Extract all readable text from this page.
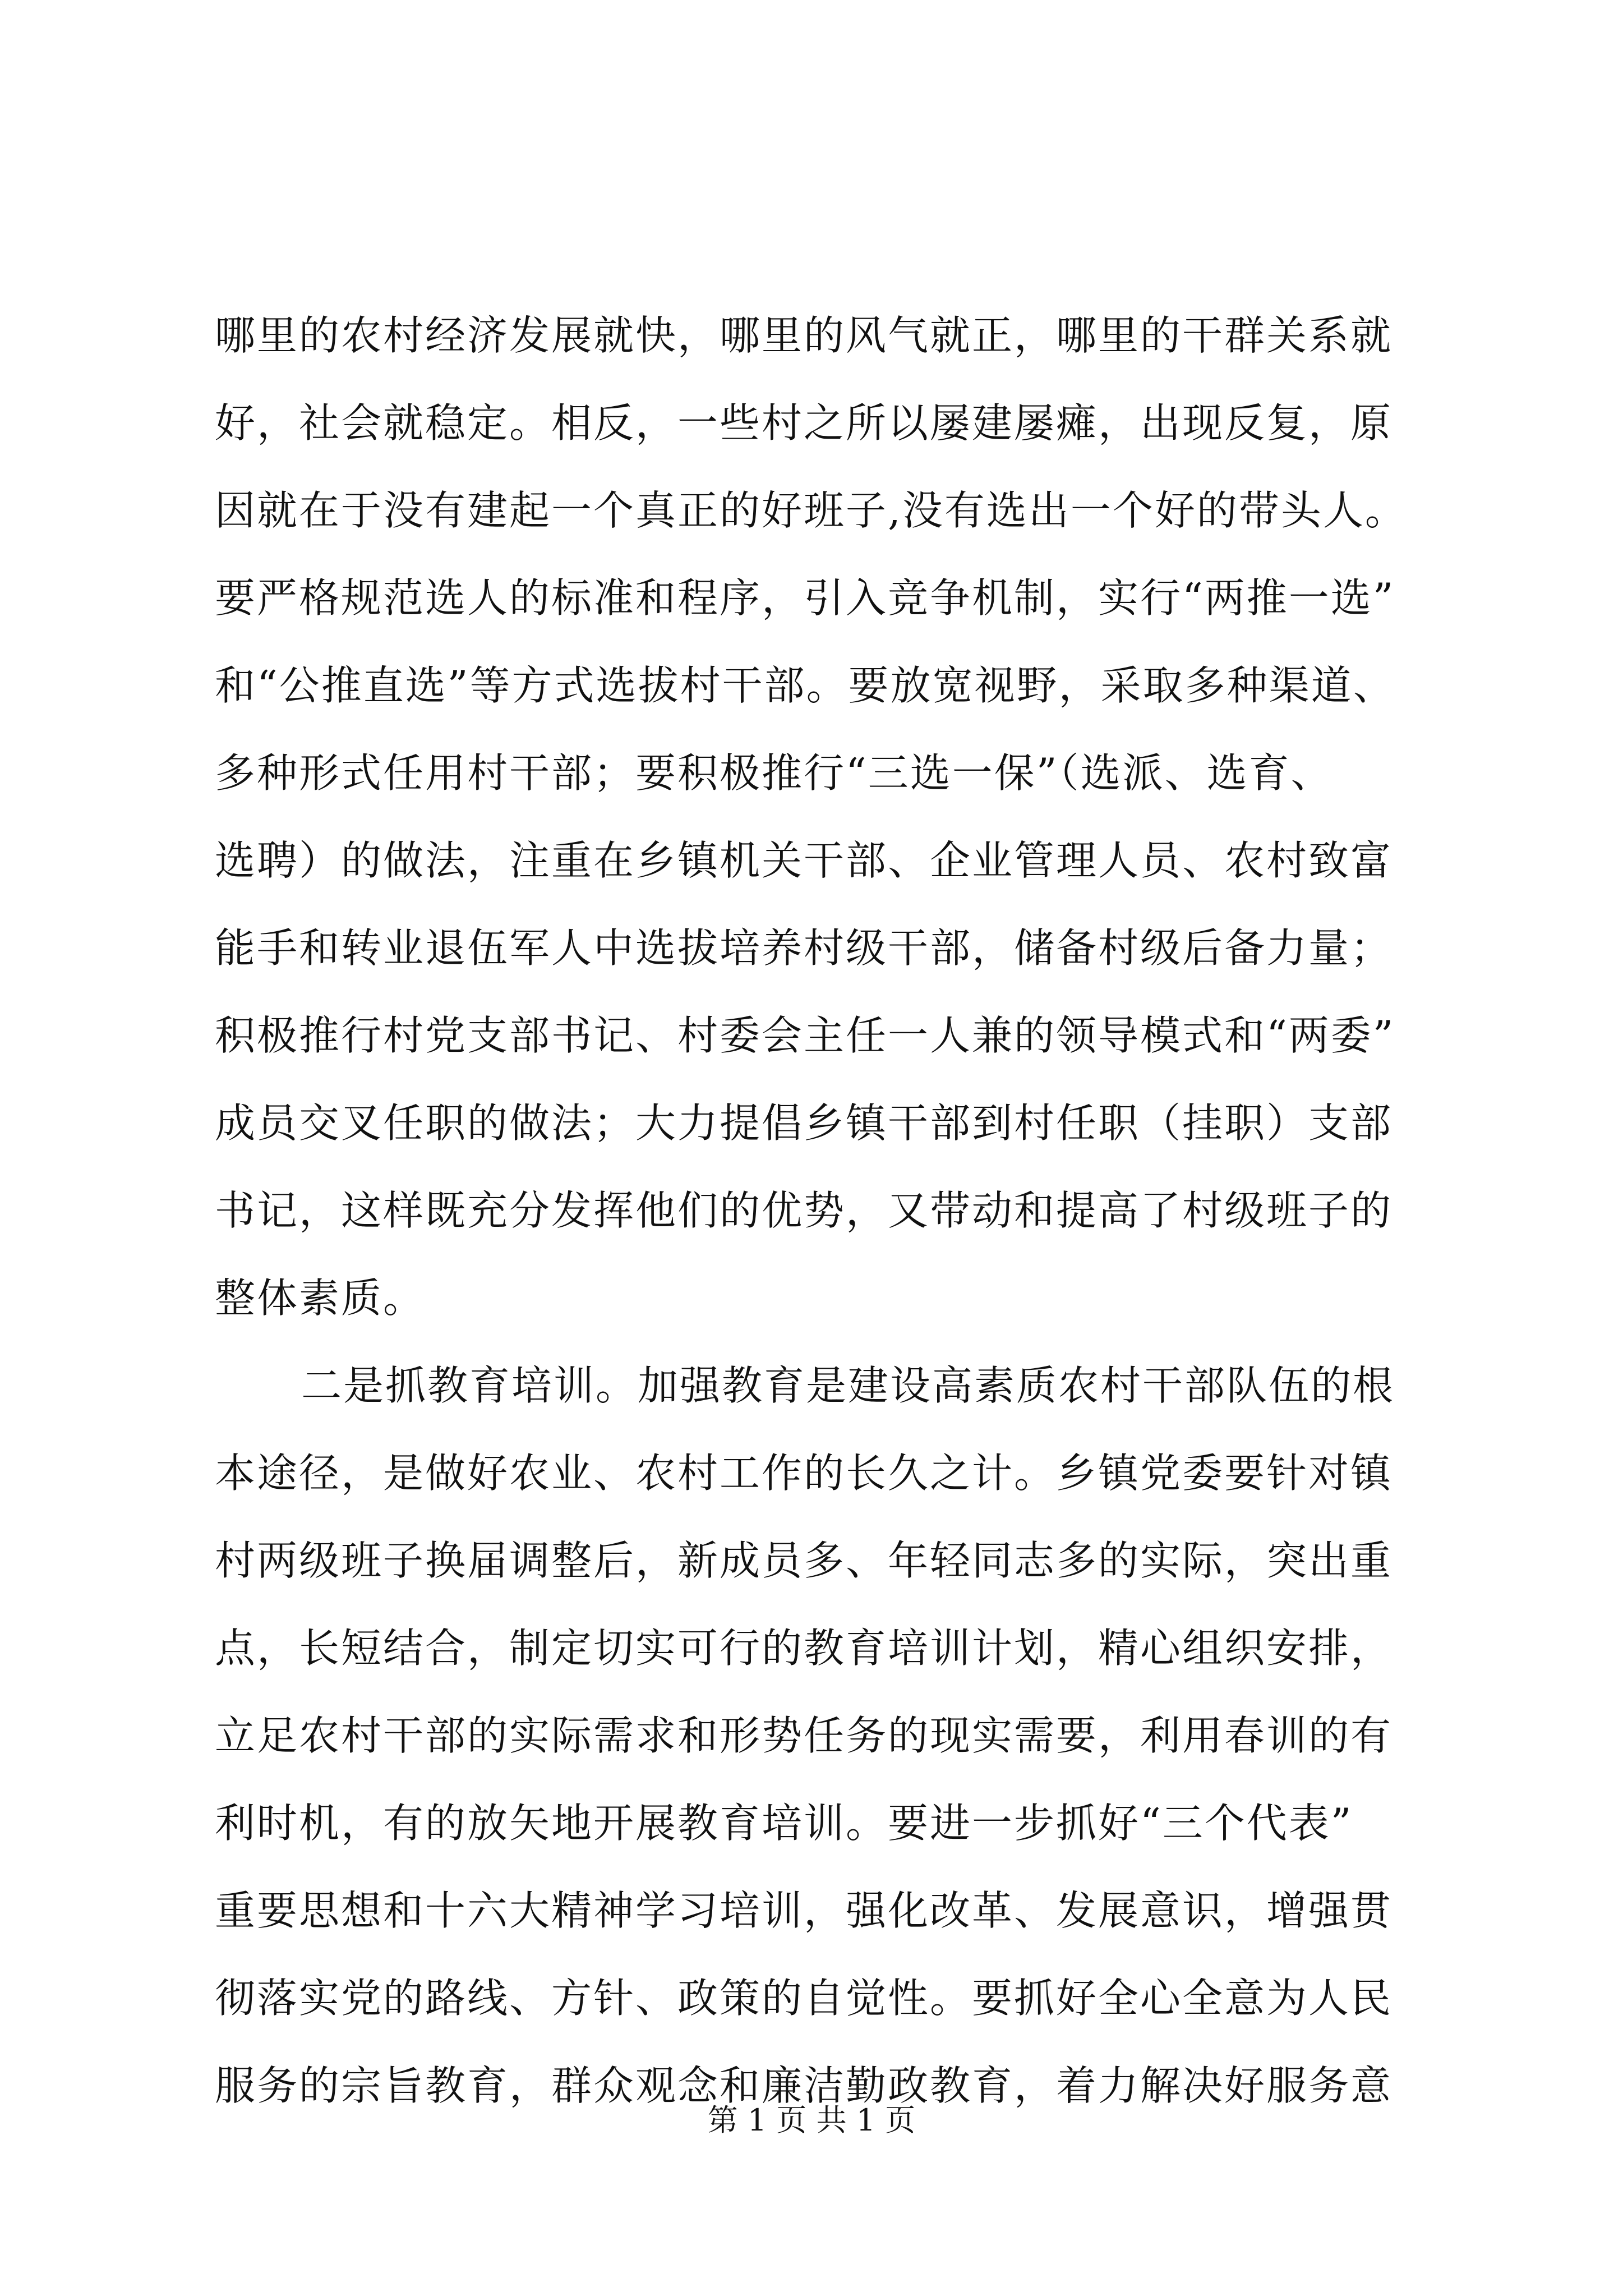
哪里的农村经济发展就快，哪里的风气就正，哪里的干群关系就
好，社会就稳定。相反，一些村之所以屡建屡瘫，出现反复，原
因就在于没有建起一个真正的好班子,没有选出一个好的带头人。
要严格规范选人的标准和程序，引入竞争机制，实行“两推一选”
和“公推直选”等方式选拔村干部。要放宽视野，采取多种渠道、
多种形式任用村干部；要积极推行“三选一保”（选派、选育、
选聘）的做法，注重在乡镇机关干部、企业管理人员、农村致富
能手和转业退伍军人中选拔培养村级干部，储备村级后备力量；
积极推行村党支部书记、村委会主任一人兼的领导模式和“两委”
成员交叉任职的做法；大力提倡乡镇干部到村任职（挂职）支部
书记，这样既充分发挥他们的优势，又带动和提高了村级班子的
整体素质。
二是抓教育培训。加强教育是建设高素质农村干部队伍的根
本途径，是做好农业、农村工作的长久之计。乡镇党委要针对镇
村两级班子换届调整后，新成员多、年轻同志多的实际，突出重
点，长短结合，制定切实可行的教育培训计划，精心组织安排，
立足农村干部的实际需求和形势任务的现实需要，利用春训的有
利时机，有的放矢地开展教育培训。要进一步抓好“三个代表”
重要思想和十六大精神学习培训，强化改革、发展意识，增强贯
彻落实党的路线、方针、政策的自觉性。要抓好全心全意为人民
服务的宗旨教育，群众观念和廉洁勤政教育，着力解决好服务意
第 1 页 共 1 页
